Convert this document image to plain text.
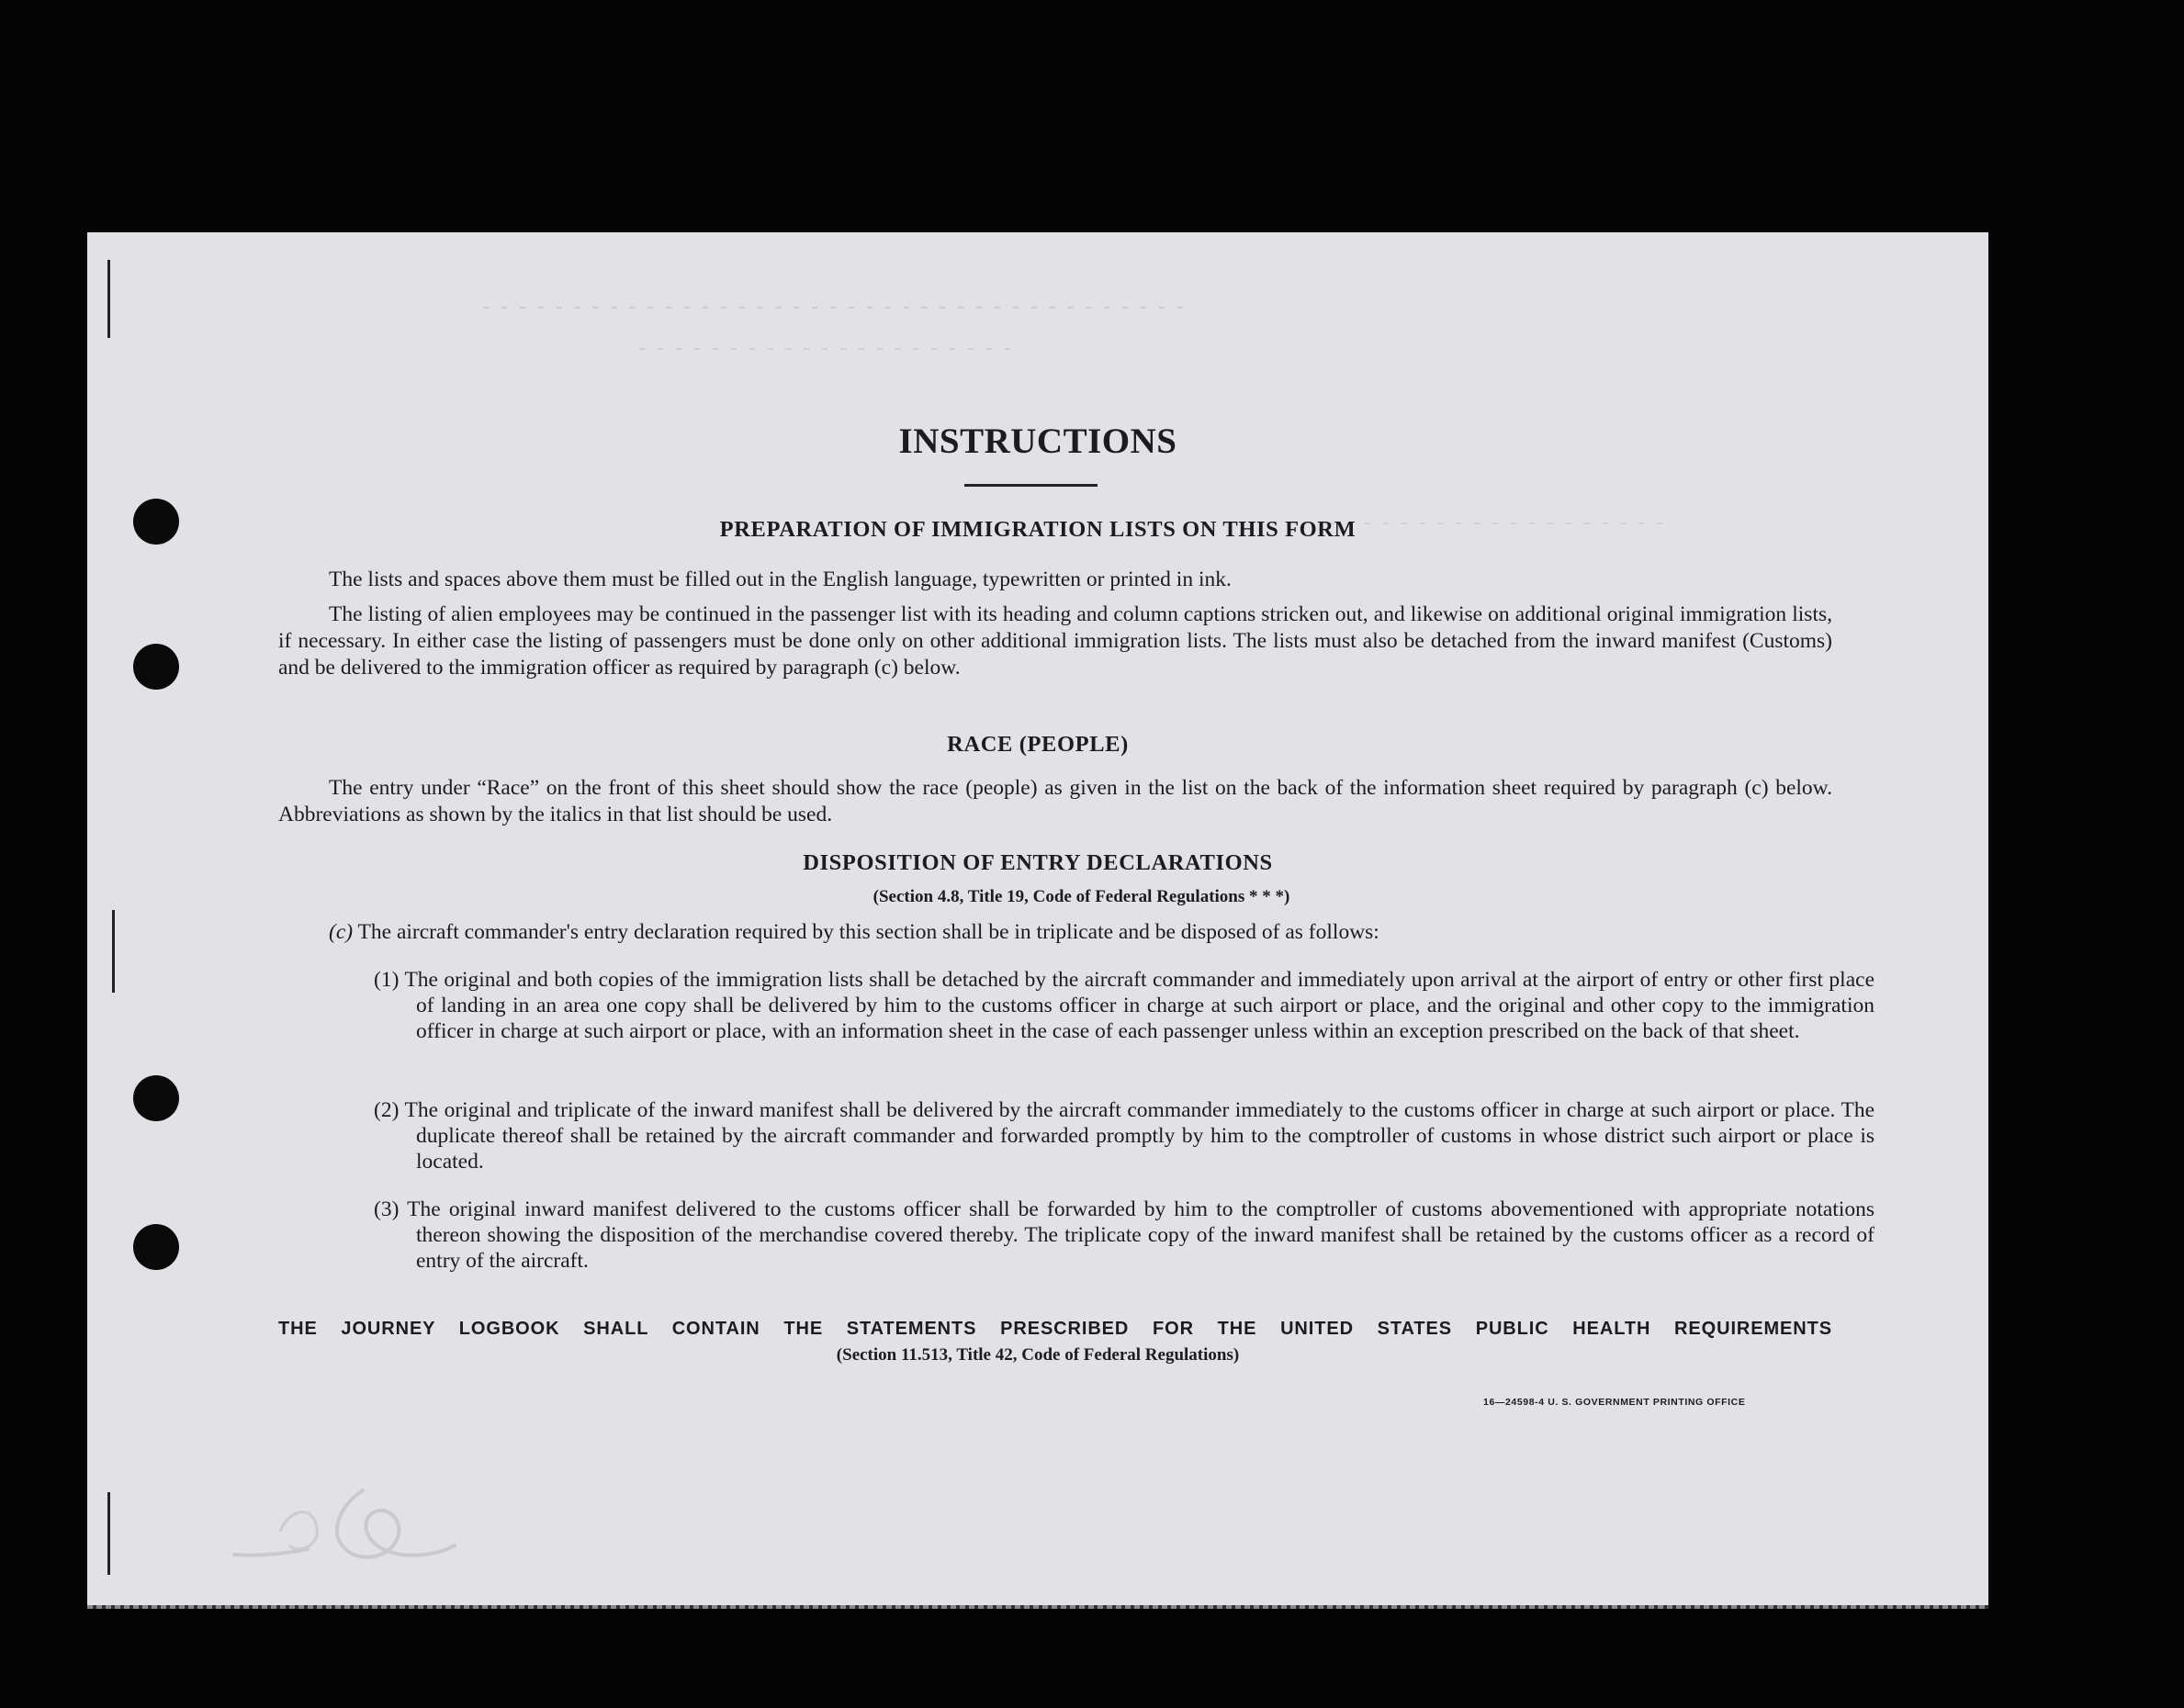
- - - - - - - - - - - - - - - - - - - - - - - - - - - - - - - - - - - - - - -
- - - - - - - - - - - - - - - - - - - - -
- - - - - - - - - - - - - - - - - - -
INSTRUCTIONS
PREPARATION OF IMMIGRATION LISTS ON THIS FORM
The lists and spaces above them must be filled out in the English language, typewritten or printed in ink.
The listing of alien employees may be continued in the passenger list with its heading and column captions stricken out, and likewise on additional original immigration lists, if necessary. In either case the listing of passengers must be done only on other additional immigration lists. The lists must also be detached from the inward manifest (Customs) and be delivered to the immigration officer as required by paragraph (c) below.
RACE (PEOPLE)
The entry under “Race” on the front of this sheet should show the race (people) as given in the list on the back of the information sheet required by paragraph (c) below. Abbreviations as shown by the italics in that list should be used.
DISPOSITION OF ENTRY DECLARATIONS
(Section 4.8, Title 19, Code of Federal Regulations * * *)
(c) The aircraft commander's entry declaration required by this section shall be in triplicate and be disposed of as follows:
(1) The original and both copies of the immigration lists shall be detached by the aircraft commander and immediately upon arrival at the airport of entry or other first place of landing in an area one copy shall be delivered by him to the customs officer in charge at such airport or place, and the original and other copy to the immigration officer in charge at such airport or place, with an information sheet in the case of each passenger unless within an exception prescribed on the back of that sheet.
(2) The original and triplicate of the inward manifest shall be delivered by the aircraft commander immediately to the customs officer in charge at such airport or place. The duplicate thereof shall be retained by the aircraft commander and forwarded promptly by him to the comptroller of customs in whose district such airport or place is located.
(3) The original inward manifest delivered to the customs officer shall be forwarded by him to the comptroller of customs abovementioned with appropriate notations thereon showing the disposition of the merchandise covered thereby. The triplicate copy of the inward manifest shall be retained by the customs officer as a record of entry of the aircraft.
THE JOURNEY LOGBOOK SHALL CONTAIN THE STATEMENTS PRESCRIBED FOR THE UNITED STATES PUBLIC HEALTH REQUIREMENTS
(Section 11.513, Title 42, Code of Federal Regulations)
16—24598-4 U. S. GOVERNMENT PRINTING OFFICE
